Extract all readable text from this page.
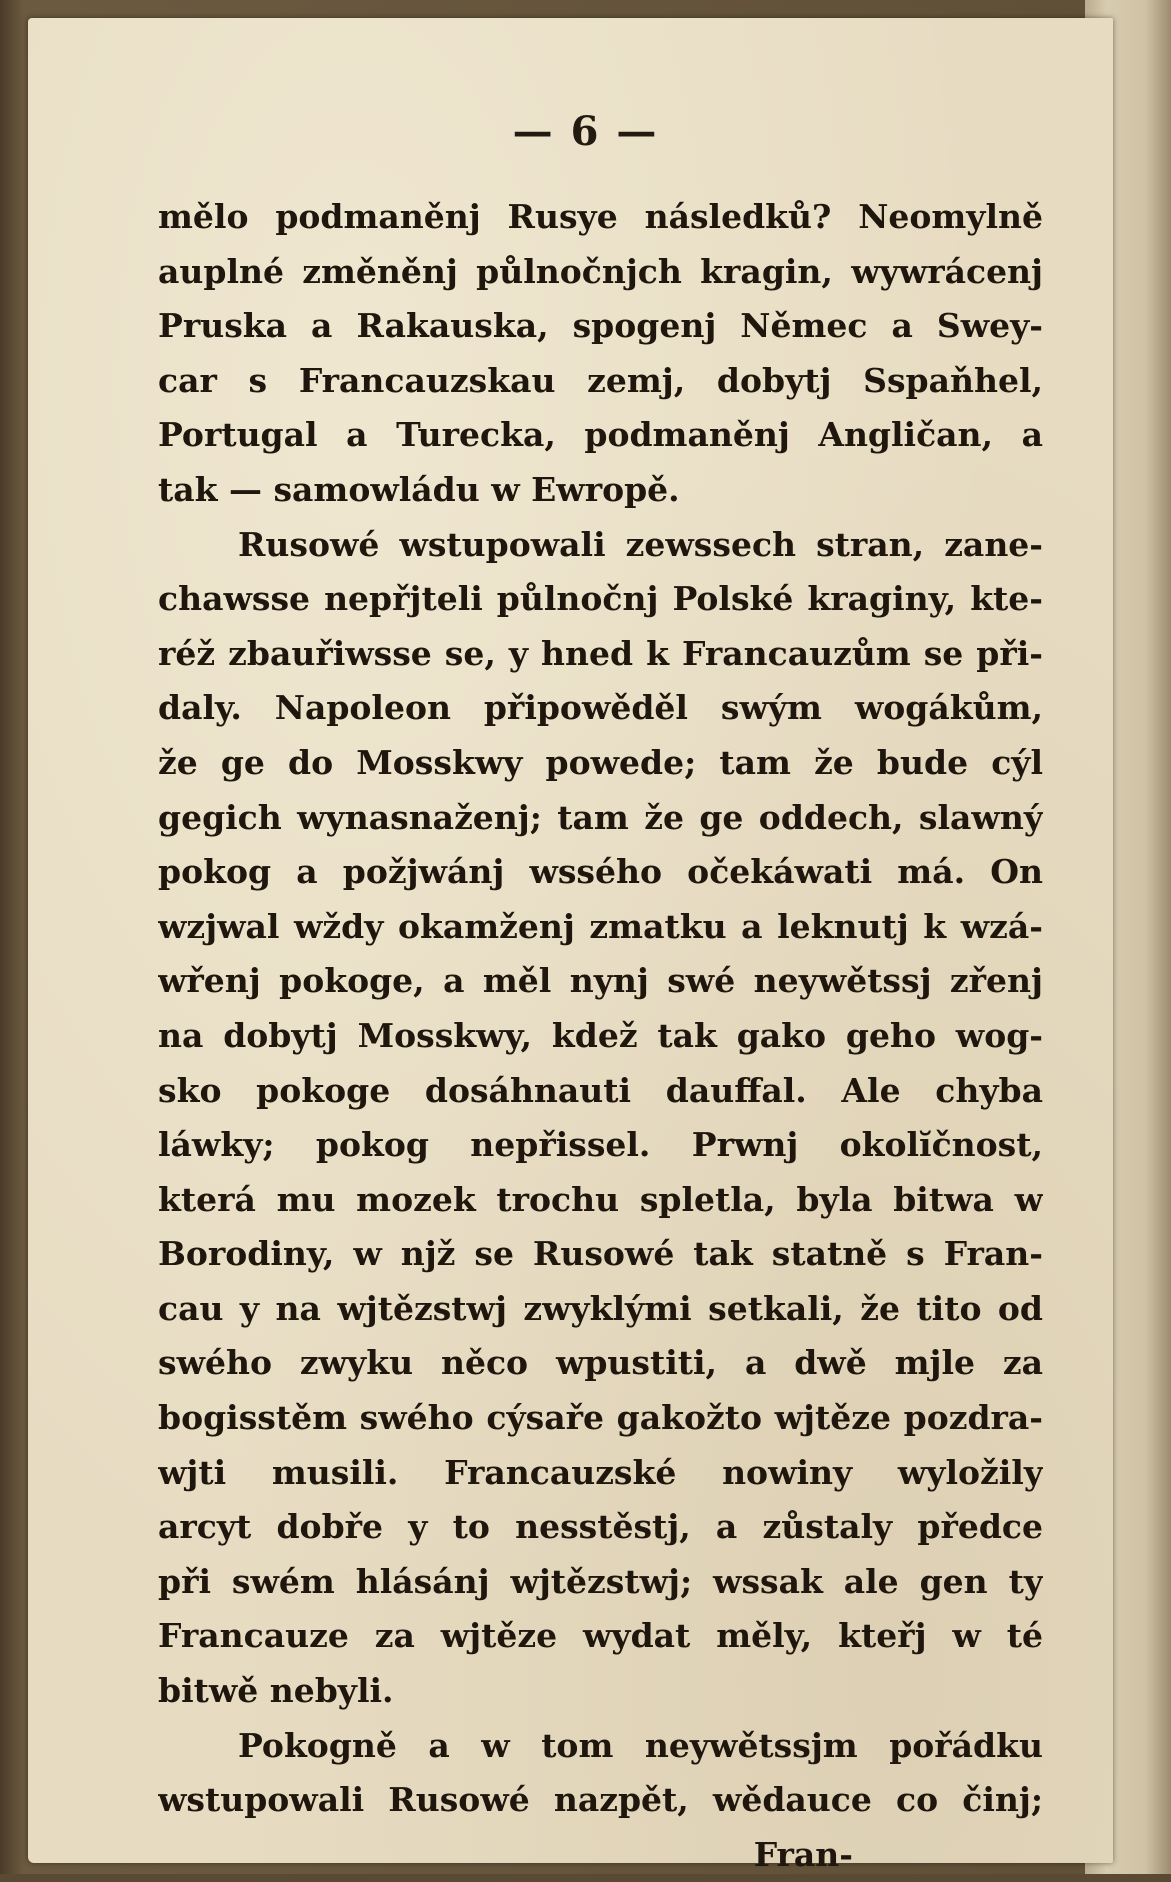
— 6 —
mělo podmaněnj Rusye následků? Neomylně
auplné změněnj půlnočnjch kragin, wywrácenj
Pruska a Rakauska, spogenj Němec a Swey-
car s Francauzskau zemj, dobytj Sspaňhel,
Portugal a Turecka, podmaněnj Angličan, a
tak — samowládu w Ewropě.
Rusowé wstupowali zewssech stran, zane-
chawsse nepřjteli půlnočnj Polské kraginy, kte-
réž zbauřiwsse se, y hned k Francauzům se při-
daly. Napoleon připowěděl swým wogákům,
že ge do Mosskwy powede; tam že bude cýl
gegich wynasnaženj; tam že ge oddech, slawný
pokog a požjwánj wssého očekáwati má. On
wzjwal wždy okamženj zmatku a leknutj k wzá-
wřenj pokoge, a měl nynj swé neywětssj zřenj
na dobytj Mosskwy, kdež tak gako geho wog-
sko pokoge dosáhnauti dauffal. Ale chyba
láwky; pokog nepřissel. Prwnj okolĭčnost,
která mu mozek trochu spletla, byla bitwa w
Borodiny, w njž se Rusowé tak statně s Fran-
cau y na wjtězstwj zwyklými setkali, že tito od
swého zwyku něco wpustiti, a dwě mjle za
bogisstěm swého cýsaře gakožto wjtěze pozdra-
wjti musili. Francauzské nowiny wyložily
arcyt dobře y to nesstěstj, a zůstaly předce
při swém hlásánj wjtězstwj; wssak ale gen ty
Francauze za wjtěze wydat měly, kteřj w té
bitwě nebyli.
Pokogně a w tom neywětssjm pořádku
wstupowali Rusowé nazpět, wědauce co činj;
Fran-
